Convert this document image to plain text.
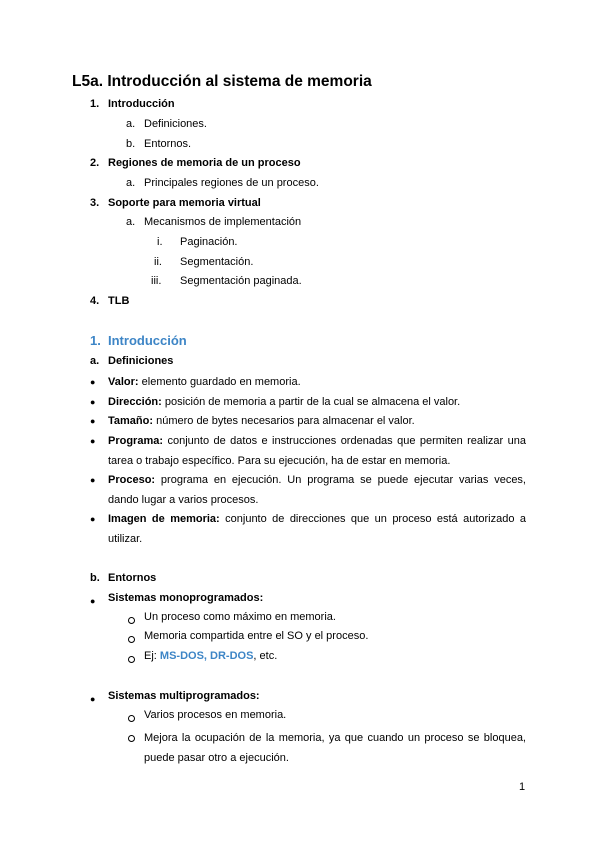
L5a. Introducción al sistema de memoria
1. Introducción
a. Definiciones.
b. Entornos.
2. Regiones de memoria de un proceso
a. Principales regiones de un proceso.
3. Soporte para memoria virtual
a. Mecanismos de implementación
i. Paginación.
ii. Segmentación.
iii. Segmentación paginada.
4. TLB
1. Introducción
a. Definiciones
● Valor: elemento guardado en memoria.
● Dirección: posición de memoria a partir de la cual se almacena el valor.
● Tamaño: número de bytes necesarios para almacenar el valor.
● Programa: conjunto de datos e instrucciones ordenadas que permiten realizar una tarea o trabajo específico. Para su ejecución, ha de estar en memoria.
● Proceso: programa en ejecución. Un programa se puede ejecutar varias veces, dando lugar a varios procesos.
● Imagen de memoria: conjunto de direcciones que un proceso está autorizado a utilizar.
b. Entornos
● Sistemas monoprogramados:
Un proceso como máximo en memoria.
Memoria compartida entre el SO y el proceso.
Ej: MS-DOS, DR-DOS, etc.
● Sistemas multiprogramados:
Varios procesos en memoria.
Mejora la ocupación de la memoria, ya que cuando un proceso se bloquea, puede pasar otro a ejecución.
1
